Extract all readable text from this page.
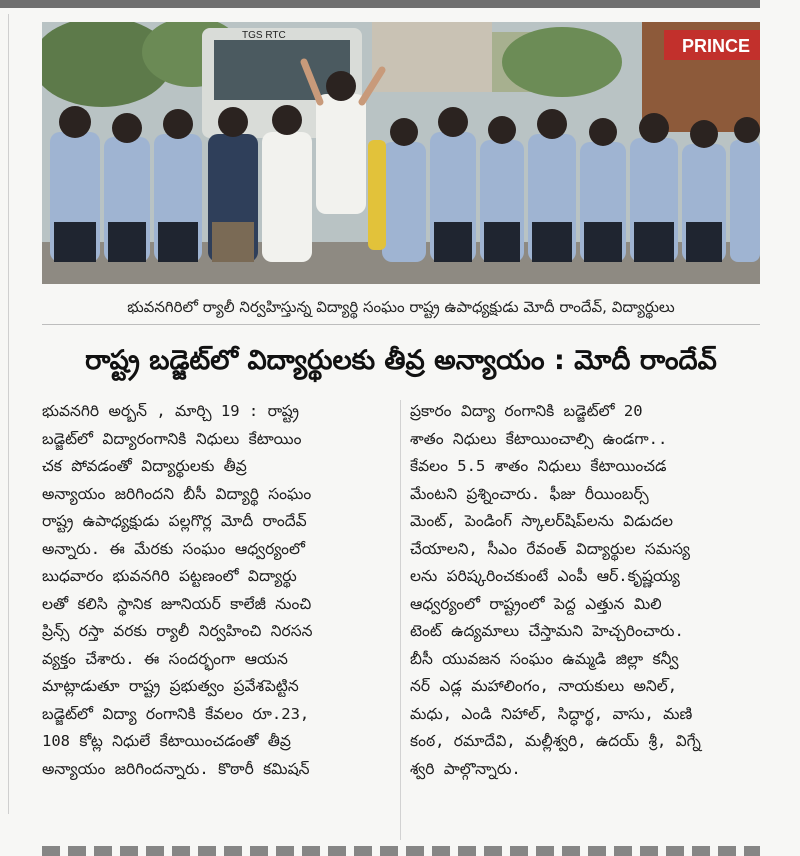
PRINCE
TGS RTC
భువనగిరిలో ర్యాలీ నిర్వహిస్తున్న విద్యార్థి సంఘం రాష్ట్ర ఉపాధ్యక్షుడు మోదీ రాందేవ్, విద్యార్థులు
రాష్ట్ర బడ్జెట్‌లో విద్యార్థులకు తీవ్ర అన్యాయం : మోదీ రాందేవ్
భువనగిరి అర్బన్ , మార్చి 19 : రాష్ట్ర
బడ్జెట్‌లో విద్యారంగానికి నిధులు కేటాయిం
చక పోవడంతో విద్యార్థులకు తీవ్ర
అన్యాయం జరిగిందని బీసీ విద్యార్థి సంఘం
రాష్ట్ర ఉపాధ్యక్షుడు పల్లగొర్ల మోదీ రాందేవ్
అన్నారు. ఈ మేరకు సంఘం ఆధ్వర్యంలో
బుధవారం భువనగిరి పట్టణంలో విద్యార్థు
లతో కలిసి స్థానిక జూనియర్ కాలేజీ నుంచి
ప్రిన్స్ రస్తా వరకు ర్యాలీ నిర్వహించి నిరసన
వ్యక్తం చేశారు. ఈ సందర్భంగా ఆయన
మాట్లాడుతూ రాష్ట్ర ప్రభుత్వం ప్రవేశపెట్టిన
బడ్జెట్‌లో విద్యా రంగానికి కేవలం రూ.23,
108 కోట్ల నిధులే కేటాయించడంతో తీవ్ర
అన్యాయం జరిగిందన్నారు. కొఠారీ కమిషన్
ప్రకారం విద్యా రంగానికి బడ్జెట్‌లో 20
శాతం నిధులు కేటాయించాల్సి ఉండగా..
కేవలం 5.5 శాతం నిధులు కేటాయించడ
మేంటని ప్రశ్నించారు. ఫీజు రీయింబర్స్
మెంట్, పెండింగ్ స్కాలర్‌షిప్‌లను విడుదల
చేయాలని, సీఎం రేవంత్ విద్యార్థుల సమస్య
లను పరిష్కరించకుంటే ఎంపీ ఆర్.కృష్ణయ్య
ఆధ్వర్యంలో రాష్ట్రంలో పెద్ద ఎత్తున మిలి
టెంట్ ఉద్యమాలు చేస్తామని హెచ్చరించారు.
బీసీ యువజన సంఘం ఉమ్మడి జిల్లా కన్వీ
నర్ ఎడ్ల మహాలింగం, నాయకులు అనిల్,
మధు, ఎండి నిహాల్, సిద్ధార్థ, వాసు, మణి
కంఠ, రమాదేవి, మల్లీశ్వరి, ఉదయ్ శ్రీ, విగ్నే
శ్వరి పాల్గొన్నారు.
